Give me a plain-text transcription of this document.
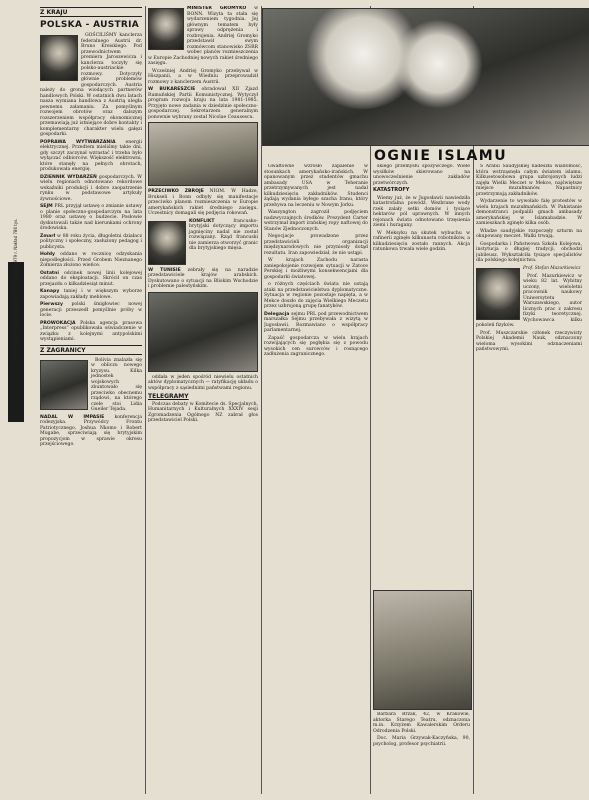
tygodnia
Numer 1810 dodany do dziennika 11 listopada 1979 r. Nakład 786 tys.
Z KRAJU
POLSKA - AUSTRIA

GOŚCILIŚMY kanclerza federalnego Austrii dr. Bruno Kreiskiego. Pod przewodnictwem premiera Jaroszewicza i kanclerza toczyły się polsko-austriackie rozmowy. Dotyczyły głównie problemów gospodarczych. Austria należy do grona wiodących partnerów handlowych Polski. W ostatnich dwu latach nasza wymiana handlowa z Austrią uległa pewnemu załamaniu. Za pomyślnym rozwojem obrotów oraz dalszym rozszerzeniem współpracy ekonomicznej przemawiają już istniejące dobre kontakty i komplementarny charakter wielu gałęzi gospodarki.

POPRAWA WYTWARZANIA energii elektrycznej. Przedtem mieliśmy takie dni, gdy szczyt zaczynał wzrastać i trzeba było wyłączać odbiorców. Większość elektrowni, które stanęły na pełnych obrotach, produkowała energię.
DZIENNIK WYDARZEŃ gospodarczych. W wielu regionach odnotowano rekordowe wskaźniki produkcji i dobre zaopatrzenie rynku w podstawowe artykuły żywnościowe.
SEJM PRL przyjął ustawę o zmianie ustawy o planie społeczno-gospodarczym na lata 1980 oraz ustawę o budżecie. Posłowie dyskutowali także nad kierunkami ochrony środowiska.
Zmarł w 88 roku życia, długoletni działacz polityczny i społeczny, zasłużony pedagog i publicysta.
Hołdy oddano w rocznicę odzyskania niepodległości. Przed Grobem Nieznanego Żołnierza złożono wieńce.
Ostatni odcinek nowej linii kolejowej oddano do eksploatacji. Skrócił on czas przejazdu o kilkadziesiąt minut.
Kanapy taniej i w większym wyborze zapowiadają zakłady meblowe.
Pierwszy polski śmigłowiec nowej generacji przeszedł pomyślnie próby w locie.
PROWOKACJA Polska agencja prasowa „Interpress” opublikowała oświadczenie w związku z kolejnymi antypolskimi wystąpieniami.
Z ZAGRANICY

Bolivia znalazła się w obliczu nowego kryzysu. Kilka jednostek wojskowych zbuntowało się przeciwko obecnemu rządowi, na którego czele stoi Lidia Gueiler Tejada.

NADAL W IMPASIE konferencja rodezyjska. Przywódcy Frontu Patriotycznego, Joshua Nkomo i Robert Mugabe, sprzeciwiają się brytyjskim propozycjom w sprawie okresu przejściowego.
MINISTER GROMYKO w BONN. Wizyta ta stała się wydarzeniem tygodnia. Jej głównym tematem były sprawy odprężenia i rozbrojenia. Andriej Gromyko przedstawił swym rozmówcom stanowisko ZSRR wobec planów rozmieszczenia w Europie Zachodniej nowych rakiet średniego zasięgu.

Wcześniej Andriej Gromyko przebywał w Hiszpanii, a w Wiedniu przeprowadził rozmowy z kanclerzem Austrii.

W BUKARESZCIE obradował XII Zjazd Rumuńskiej Partii Komunistycznej. Wytyczył program rozwoju kraju na lata 1981-1985. Przyjęto nowe zadania w dziedzinie społeczno-gospodarczej. Sekretarzem generalnym ponownie wybrany został Nicolae Ceausescu.
PRZECIWKO ZBROJE NIOM. W Hadze, Brukseli i Bonn odbyły się manifestacje przeciwko planom rozmieszczenia w Europie amerykańskich rakiet średniego zasięgu. Uczestnicy domagali się podjęcia rokowań.
KONFLIKT	francusko-brytyjski dotyczący importu jagnięciny nadal nie został rozwiązany. Rząd francuski nie zamierza otworzyć granic dla brytyjskiego mięsa.
W TUNISIE zebrały się na naradzie przedstawiciele krajów arabskich. Dyskutowano o sytuacji na Bliskim Wschodzie i problemie palestyńskim.

oddała w jeden spośród niewielu ostatnich aktów dyplomatycznych — ratyfikację układu o współpracy z sąsiednimi państwami regionu.

TELEGRAMY

Podczas debaty w Komitecie ds. Specjalnych, Humanitarnych i Kulturalnych XXXIV sesji Zgromadzenia Ogólnego NZ zabrał głos przedstawiciel Polski.

OGNIE ISLAMU

Gwałtowne wzrosło zapalenie w stosunkach amerykańsko-irańskich. W opanowanym przez studentów gmachu ambasady USA w Teheranie przetrzymywanych jest nadal kilkudziesięciu zakładników. Studenci żądają wydania byłego szacha Iranu, który przebywa na leczeniu w Nowym Jorku.

Waszyngton zagroził podjęciem nadzwyczajnych środków. Prezydent Carter wstrzymał import irańskiej ropy naftowej do Stanów Zjednoczonych.

Negocjacje prowadzone przez przedstawicieli organizacji międzynarodowych nie przyniosły dotąd rezultatu. Iran zapowiedział, że nie ustąpi.

W krajach Zachodu narasta zaniepokojenie rozwojem sytuacji w Zatoce Perskiej i możliwymi konsekwencjami dla gospodarki światowej.

o różnych częściach świata nie ustają ataki na przedstawicielstwa dyplomatyczne. Sytuacja w regionie pozostaje napięta, a w Mekce doszło do zajęcia Wielkiego Meczetu przez uzbrojoną grupę fanatyków.

Delegacja sejmu PRL pod przewodnictwem marszałka Sejmu przebywała z wizytą w Jugosławii. Rozmawiano o współpracy parlamentarnej.

Zapaść gospodarcza w wielu krajach rozwijających się pogłębia się z powodu wysokich cen surowców i rosnącego zadłużenia zagranicznego.

skiego przemysłu spożywczego. Wiele wysiłków skierowano na unowocześnienie zakładów przetwórczych.

KATASTROFY

Wiemy już, że w Jugosławii nawiedziła katastrofalna powódź. Wezbrane wody rzek zalały setki domów i tysiące hektarów pól uprawnych. W innych rejonach świata odnotowano trzęsienia ziemi i huragany.

W Meksyku na skutek wybuchu w rafinerii zginęło kilkunastu robotników, a kilkudziesięciu zostało rannych. Akcja ratunkowa trwała wiele godzin.

S Arabii Saudyjskiej nadeszła wiadomość, która wstrząsnęła całym światem islamu. Kilkusetosobowa grupa uzbrojonych ludzi zajęła Wielki Meczet w Mekce, najświętsze miejsce muzułmanów. Napastnicy przetrzymują zakładników.

Wydarzenie to wywołało falę protestów w wielu krajach muzułmańskich. W Pakistanie demonstranci podpalili gmach ambasady amerykańskiej w Islamabadzie. W zamieszkach zginęło kilka osób.

Władze saudyjskie rozpoczęły szturm na okupowany meczet. Walki trwają.

Gospodarka i Państwowa Szkoła Kolejowa, instytucja o długiej tradycji, obchodzi jubileusz. Wykształciła tysiące specjalistów dla polskiego kolejnictwa.

Prof. Stefan Mazurkiewicz

Prof. Mazurkiewicz w wieku 82 lat. Wybitny uczony, wieloletni pracownik naukowy Uniwersytetu Warszawskiego, autor licznych prac z zakresu fizyki teoretycznej. Wychowawca kilku pokoleń fizyków.

Prof. Muszczarskie członek rzeczywisty Polskiej Akademii Nauk, odznaczony wieloma wysokimi odznaczeniami państwowymi.

Barbara Brzak, 42, w Krakowie, aktorka Starego Teatru, odznaczona m.in. Krzyżem Kawalerskim Orderu Odrodzenia Polski.

Doc. Maria Grzywak-Kaczyńska, 90, psycholog, profesor psychiatrii.
